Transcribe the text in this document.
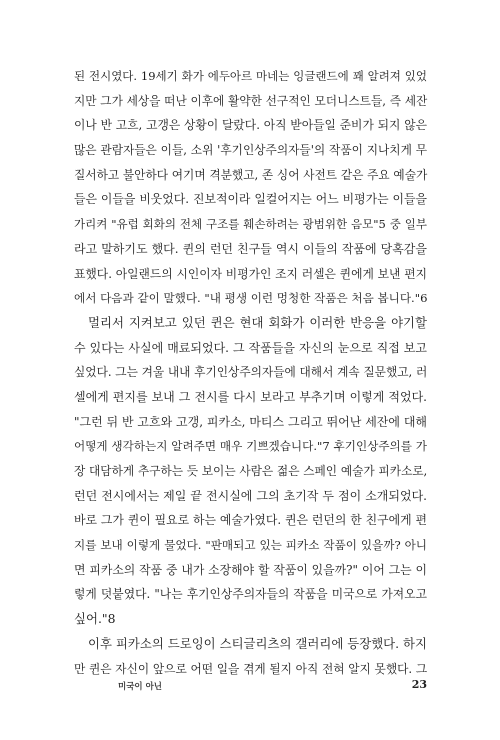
된 전시였다. 19세기 화가 에두아르 마네는 잉글랜드에 꽤 알려져 있었
지만 그가 세상을 떠난 이후에 활약한 선구적인 모더니스트들, 즉 세잔
이나 반 고흐, 고갱은 상황이 달랐다. 아직 받아들일 준비가 되지 않은
많은 관람자들은 이들, 소위 '후기인상주의자들'의 작품이 지나치게 무
질서하고 불안하다 여기며 격분했고, 존 싱어 사전트 같은 주요 예술가
들은 이들을 비웃었다. 진보적이라 일컬어지는 어느 비평가는 이들을
가리켜 "유럽 회화의 전체 구조를 훼손하려는 광범위한 음모"5 중 일부
라고 말하기도 했다. 퀸의 런던 친구들 역시 이들의 작품에 당혹감을
표했다. 아일랜드의 시인이자 비평가인 조지 러셀은 퀸에게 보낸 편지
에서 다음과 같이 말했다. "내 평생 이런 멍청한 작품은 처음 봅니다."6
멀리서 지켜보고 있던 퀸은 현대 회화가 이러한 반응을 야기할
수 있다는 사실에 매료되었다. 그 작품들을 자신의 눈으로 직접 보고
싶었다. 그는 겨울 내내 후기인상주의자들에 대해서 계속 질문했고, 러
셀에게 편지를 보내 그 전시를 다시 보라고 부추기며 이렇게 적었다.
"그런 뒤 반 고흐와 고갱, 피카소, 마티스 그리고 뛰어난 세잔에 대해
어떻게 생각하는지 알려주면 매우 기쁘겠습니다."7 후기인상주의를 가
장 대담하게 추구하는 듯 보이는 사람은 젊은 스페인 예술가 피카소로,
런던 전시에서는 제일 끝 전시실에 그의 초기작 두 점이 소개되었다.
바로 그가 퀸이 필요로 하는 예술가였다. 퀸은 런던의 한 친구에게 편
지를 보내 이렇게 물었다. "판매되고 있는 피카소 작품이 있을까? 아니
면 피카소의 작품 중 내가 소장해야 할 작품이 있을까?" 이어 그는 이
렇게 덧붙였다. "나는 후기인상주의자들의 작품을 미국으로 가져오고
싶어."8
이후 피카소의 드로잉이 스티글리츠의 갤러리에 등장했다. 하지
만 퀸은 자신이 앞으로 어떤 일을 겪게 될지 아직 전혀 알지 못했다. 그
미국이 아닌	23
